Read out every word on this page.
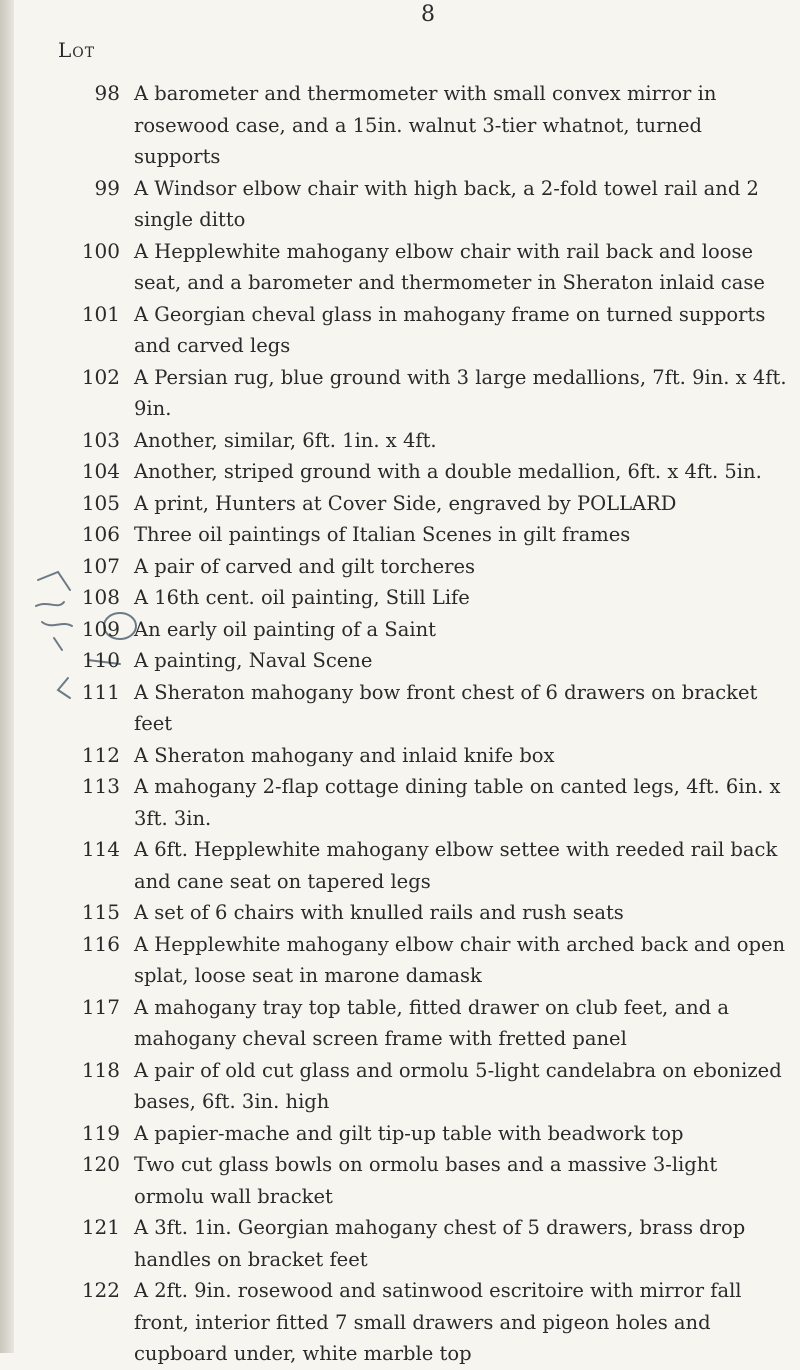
8
Lot
98 A barometer and thermometer with small convex mirror in rosewood case, and a 15in. walnut 3-tier whatnot, turned supports
99 A Windsor elbow chair with high back, a 2-fold towel rail and 2 single ditto
100 A Hepplewhite mahogany elbow chair with rail back and loose seat, and a barometer and thermometer in Sheraton inlaid case
101 A Georgian cheval glass in mahogany frame on turned supports and carved legs
102 A Persian rug, blue ground with 3 large medallions, 7ft. 9in. x 4ft. 9in.
103 Another, similar, 6ft. 1in. x 4ft.
104 Another, striped ground with a double medallion, 6ft. x 4ft. 5in.
105 A print, Hunters at Cover Side, engraved by POLLARD
106 Three oil paintings of Italian Scenes in gilt frames
107 A pair of carved and gilt torcheres
108 A 16th cent. oil painting, Still Life
109 An early oil painting of a Saint
110 A painting, Naval Scene
111 A Sheraton mahogany bow front chest of 6 drawers on bracket feet
112 A Sheraton mahogany and inlaid knife box
113 A mahogany 2-flap cottage dining table on canted legs, 4ft. 6in. x 3ft. 3in.
114 A 6ft. Hepplewhite mahogany elbow settee with reeded rail back and cane seat on tapered legs
115 A set of 6 chairs with knulled rails and rush seats
116 A Hepplewhite mahogany elbow chair with arched back and open splat, loose seat in marone damask
117 A mahogany tray top table, fitted drawer on club feet, and a mahogany cheval screen frame with fretted panel
118 A pair of old cut glass and ormolu 5-light candelabra on ebonized bases, 6ft. 3in. high
119 A papier-mache and gilt tip-up table with beadwork top
120 Two cut glass bowls on ormolu bases and a massive 3-light ormolu wall bracket
121 A 3ft. 1in. Georgian mahogany chest of 5 drawers, brass drop handles on bracket feet
122 A 2ft. 9in. rosewood and satinwood escritoire with mirror fall front, interior fitted 7 small drawers and pigeon holes and cupboard under, white marble top
